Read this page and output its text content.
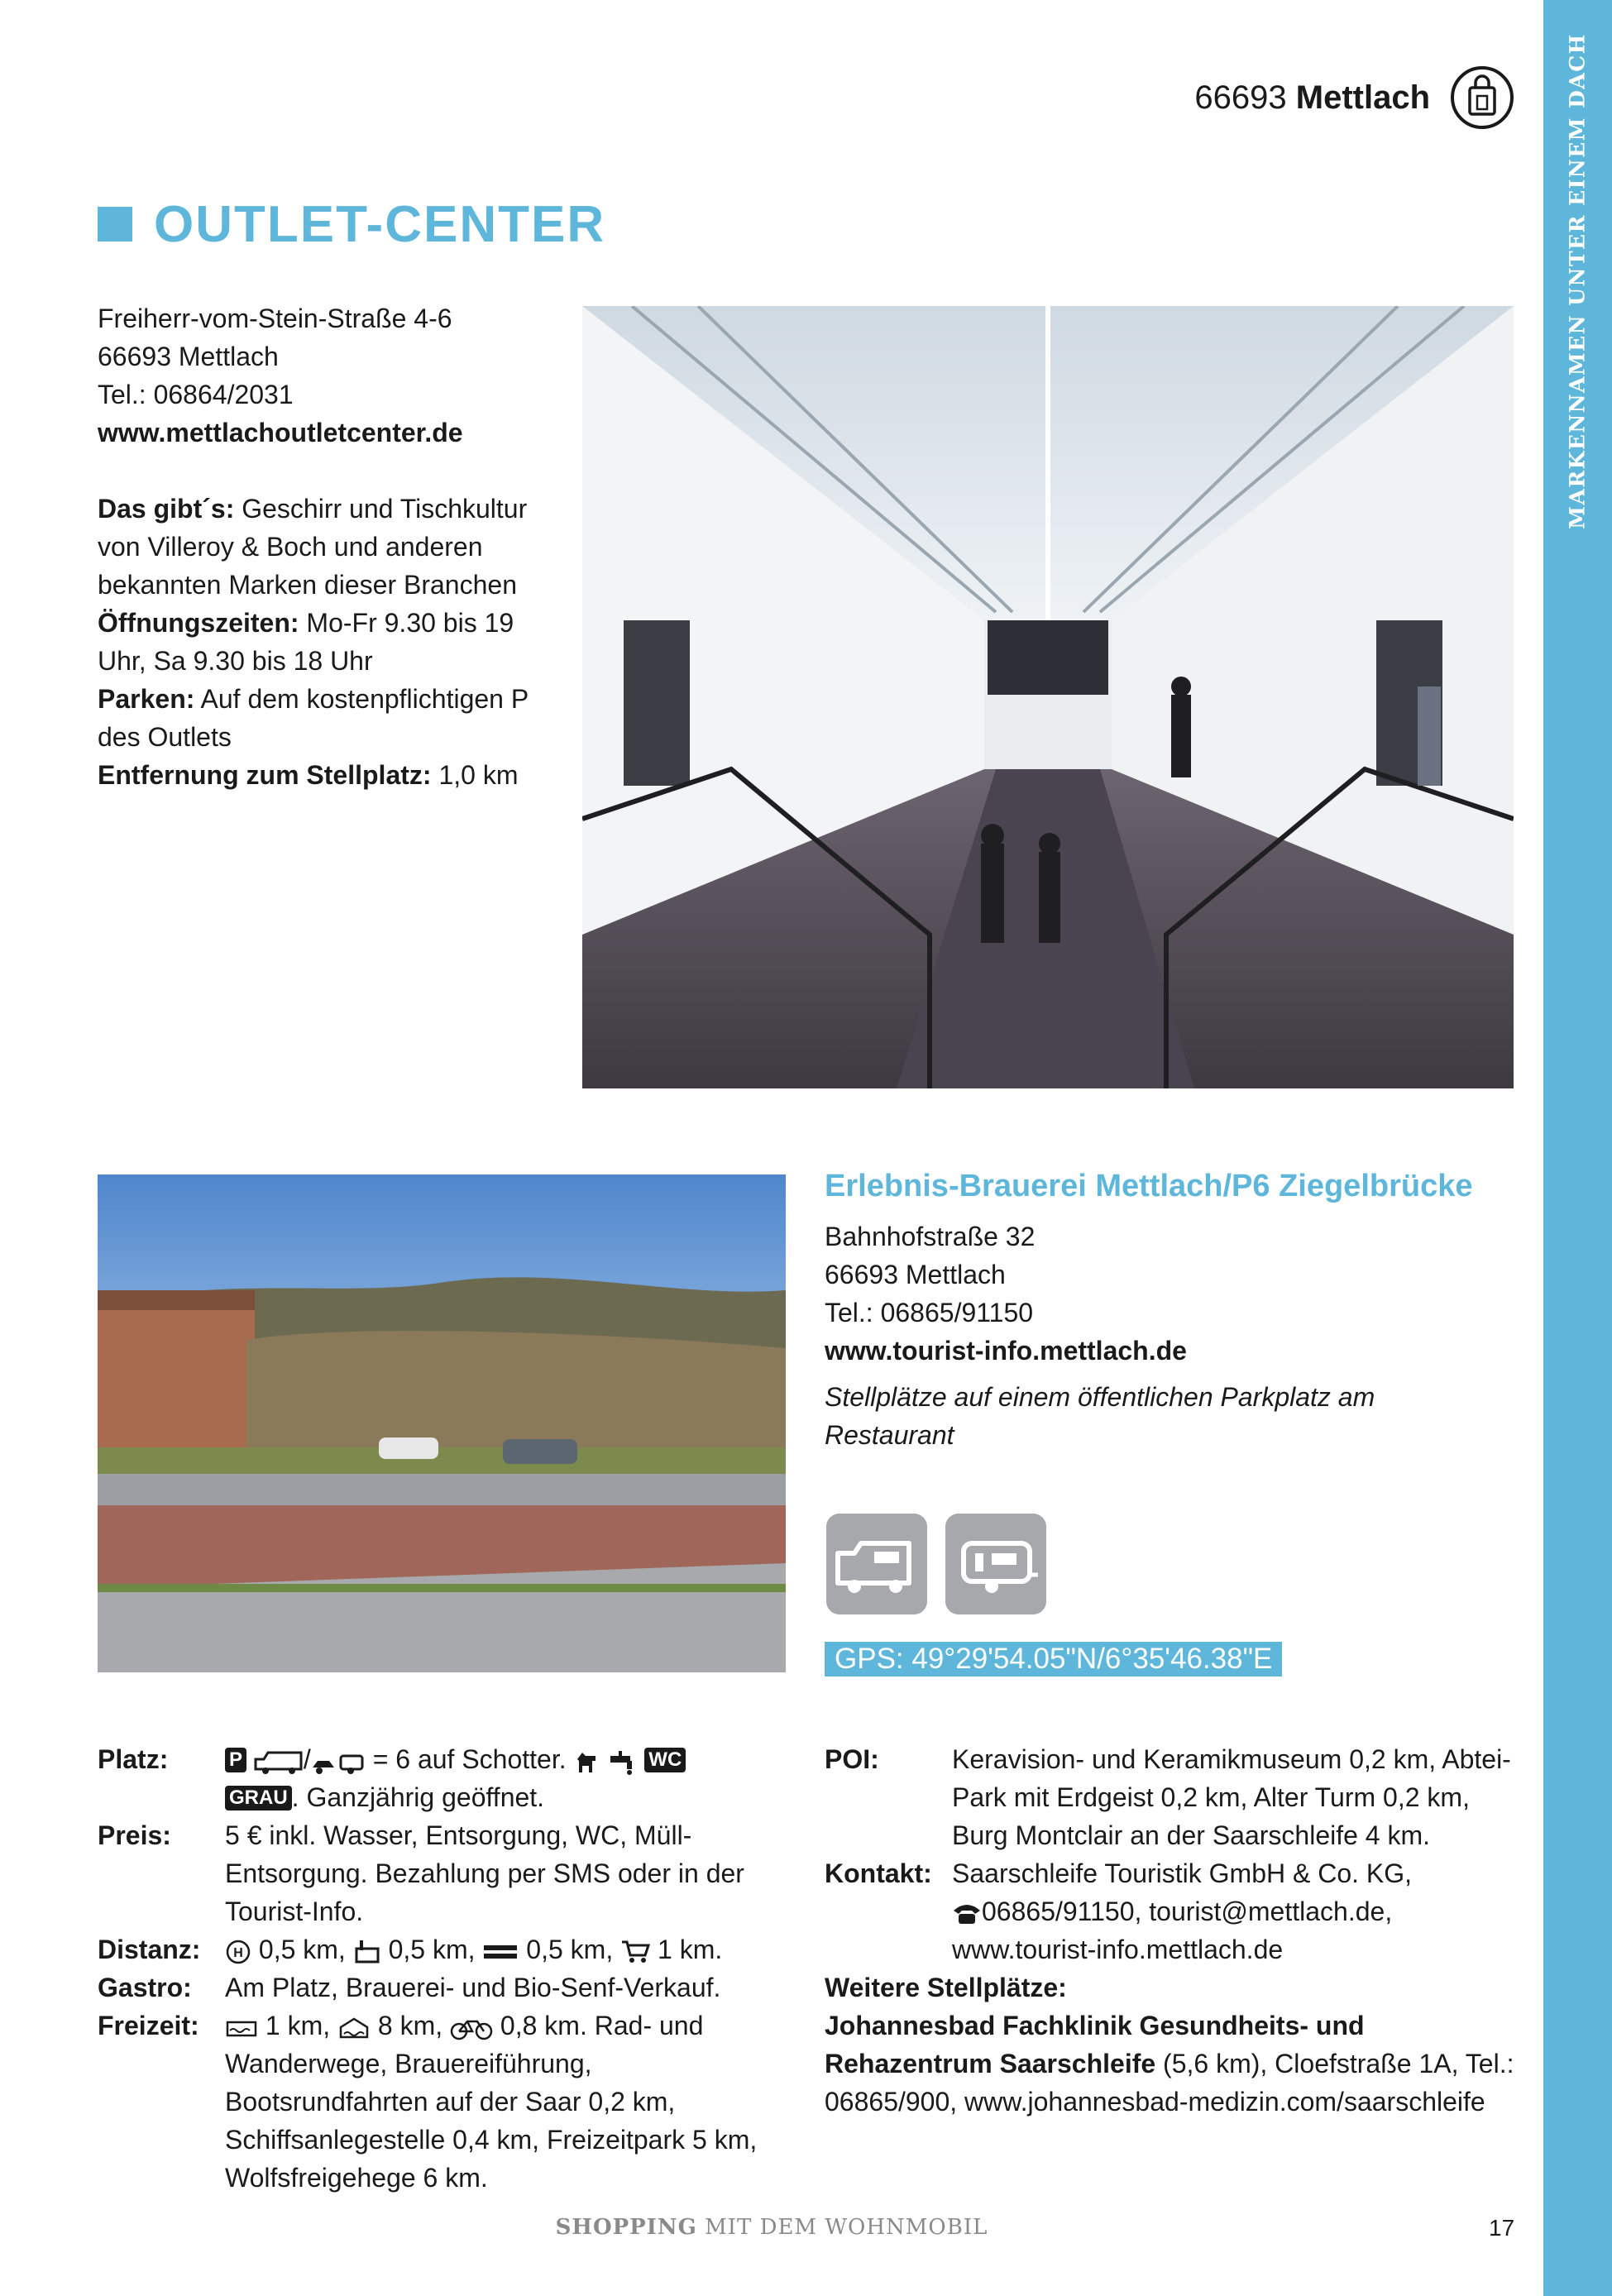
MARKENNAMEN UNTER EINEM DACH
66693 Mettlach
OUTLET-CENTER

Freiherr-vom-Stein-Straße 4-6

66693 Mettlach

Tel.: 06864/2031

www.mettlachoutletcenter.de

Das gibt´s: Geschirr und Tischkultur von Villeroy & Boch und anderen bekannten Marken dieser Branchen

Öffnungszeiten: Mo-Fr 9.30 bis 19 Uhr, Sa 9.30 bis 18 Uhr

Parken: Auf dem kostenpflichtigen P des Outlets

Entfernung zum Stellplatz: 1,0 km

Erlebnis-Brauerei Mettlach/P6 Ziegelbrücke

Bahnhofstraße 32

66693 Mettlach

Tel.: 06865/91150

www.tourist-info.mettlach.de

Stellplätze auf einem öffentlichen Parkplatz am Restaurant

GPS: 49°29'54.05"N/6°35'46.38"E
Platz:	P / = 6 auf Schotter. WC
GRAU . Ganzjährig geöffnet.
Preis:	5 € inkl. Wasser, Entsorgung, WC, Müll-Entsorgung. Bezahlung per SMS oder in der Tourist-Info.
Distanz:	H 0,5 km, 0,5 km, 0,5 km, 1 km.
Gastro:	Am Platz, Brauerei- und Bio-Senf-Verkauf.
Freizeit:	1 km, 8 km, 0,8 km. Rad- und Wanderwege, Brauereiführung, Bootsrundfahrten auf der Saar 0,2 km, Schiffsanlegestelle 0,4 km, Freizeitpark 5 km, Wolfsfreigehege 6 km.
POI:	Keravision- und Keramikmuseum 0,2 km, Abtei-Park mit Erdgeist 0,2 km, Alter Turm 0,2 km, Burg Montclair an der Saarschleife 4 km.
Kontakt:	Saarschleife Touristik GmbH & Co. KG,
06865/91150, tourist@mettlach.de,
www.tourist-info.mettlach.de

Weitere Stellplätze:	
Johannesbad Fachklinik Gesundheits- und Rehazentrum Saarschleife (5,6 km), Cloefstraße 1A, Tel.: 06865/900, www.johannesbad-medizin.com/saarschleife	
SHOPPING MIT DEM WOHNMOBIL	17
